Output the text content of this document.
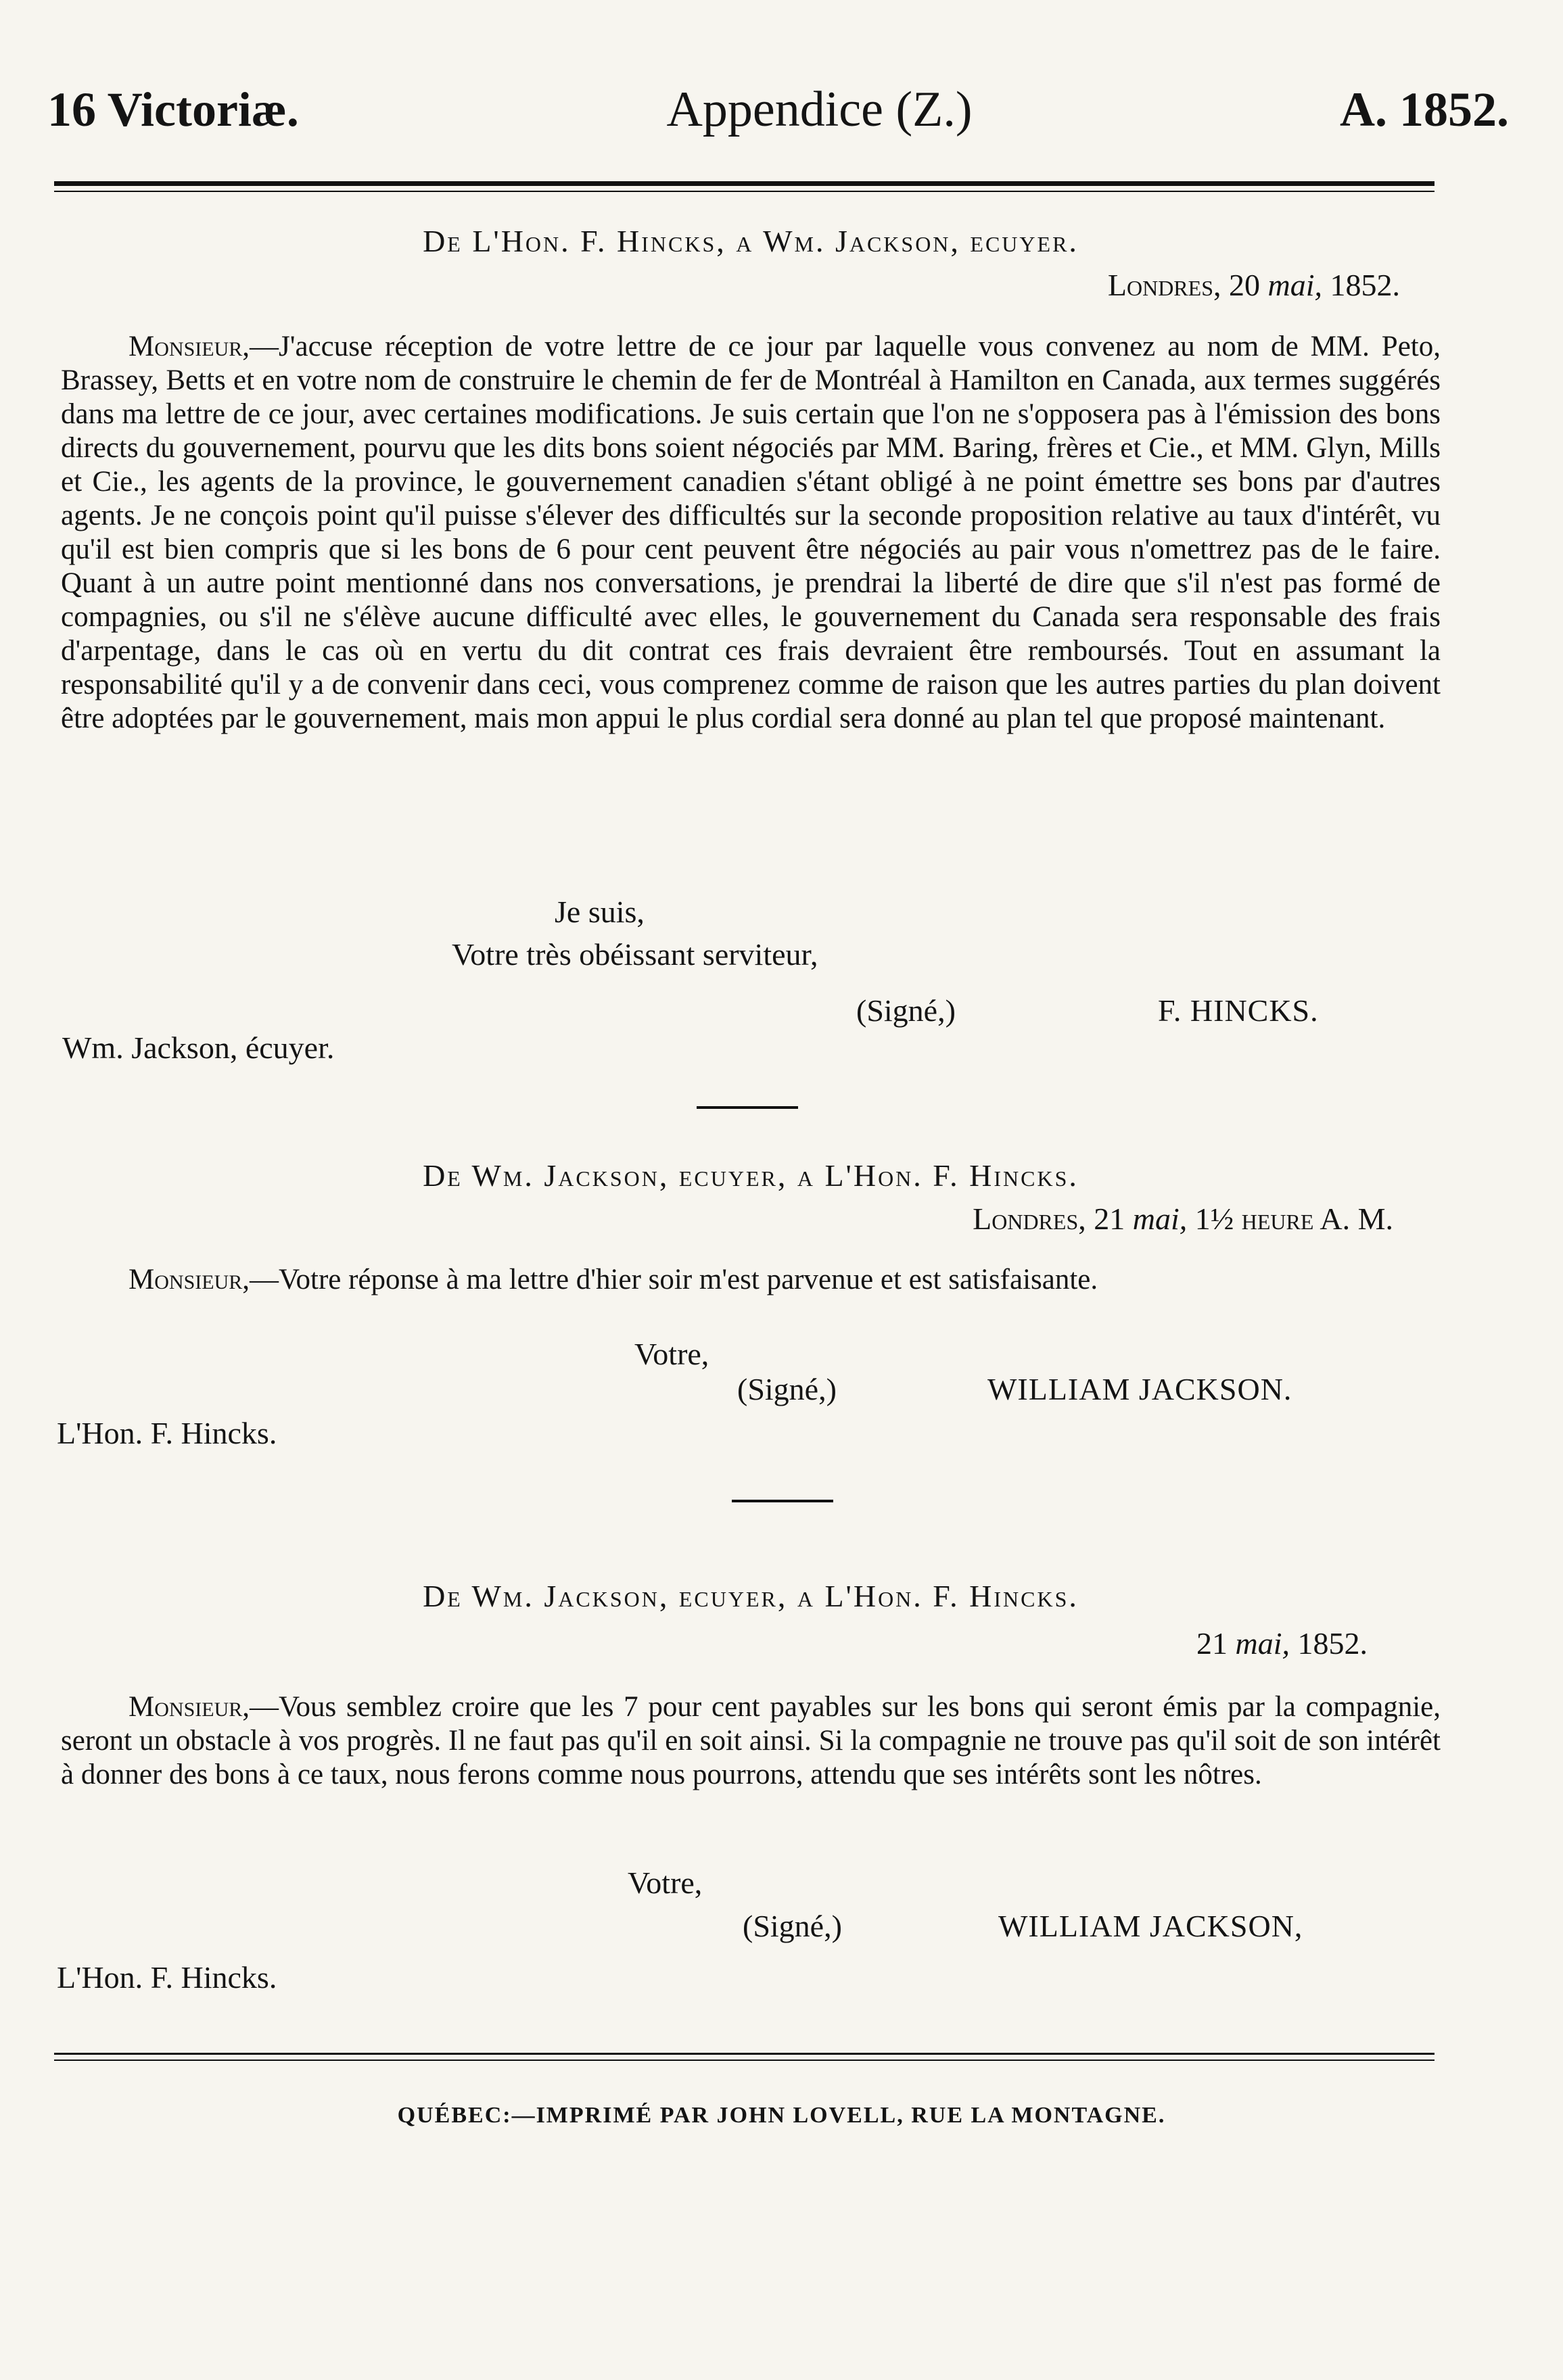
16 Victoriæ.	Appendice (Z.)	A. 1852.
De L'Hon. F. Hincks, a Wm. Jackson, ecuyer.
Londres, 20 mai, 1852.

Monsieur,—J'accuse réception de votre lettre de ce jour par laquelle vous convenez au nom de MM. Peto, Brassey, Betts et en votre nom de construire le chemin de fer de Montréal à Hamilton en Canada, aux termes suggérés dans ma lettre de ce jour, avec certaines modifications. Je suis certain que l'on ne s'opposera pas à l'émission des bons directs du gouvernement, pourvu que les dits bons soient négociés par MM. Baring, frères et Cie., et MM. Glyn, Mills et Cie., les agents de la province, le gouvernement canadien s'étant obligé à ne point émettre ses bons par d'autres agents. Je ne conçois point qu'il puisse s'élever des difficultés sur la seconde proposition relative au taux d'intérêt, vu qu'il est bien compris que si les bons de 6 pour cent peuvent être négociés au pair vous n'omettrez pas de le faire. Quant à un autre point mentionné dans nos conversations, je prendrai la liberté de dire que s'il n'est pas formé de compagnies, ou s'il ne s'élève aucune difficulté avec elles, le gouvernement du Canada sera responsable des frais d'arpentage, dans le cas où en vertu du dit contrat ces frais devraient être remboursés. Tout en assumant la responsabilité qu'il y a de convenir dans ceci, vous comprenez comme de raison que les autres parties du plan doivent être adoptées par le gouvernement, mais mon appui le plus cordial sera donné au plan tel que proposé maintenant.

Je suis,
Votre très obéissant serviteur,
(Signé,)	F. HINCKS.
Wm. Jackson, écuyer.
De Wm. Jackson, ecuyer, a L'Hon. F. Hincks.
Londres, 21 mai, 1½ heure A. M.

Monsieur,—Votre réponse à ma lettre d'hier soir m'est parvenue et est satisfaisante.

Votre,
(Signé,)	WILLIAM JACKSON.
L'Hon. F. Hincks.
De Wm. Jackson, ecuyer, a L'Hon. F. Hincks.
21 mai, 1852.

Monsieur,—Vous semblez croire que les 7 pour cent payables sur les bons qui seront émis par la compagnie, seront un obstacle à vos progrès. Il ne faut pas qu'il en soit ainsi. Si la compagnie ne trouve pas qu'il soit de son intérêt à donner des bons à ce taux, nous ferons comme nous pourrons, attendu que ses intérêts sont les nôtres.

Votre,
(Signé,)	WILLIAM JACKSON,
L'Hon. F. Hincks.
QUÉBEC:—IMPRIMÉ PAR JOHN LOVELL, RUE LA MONTAGNE.
